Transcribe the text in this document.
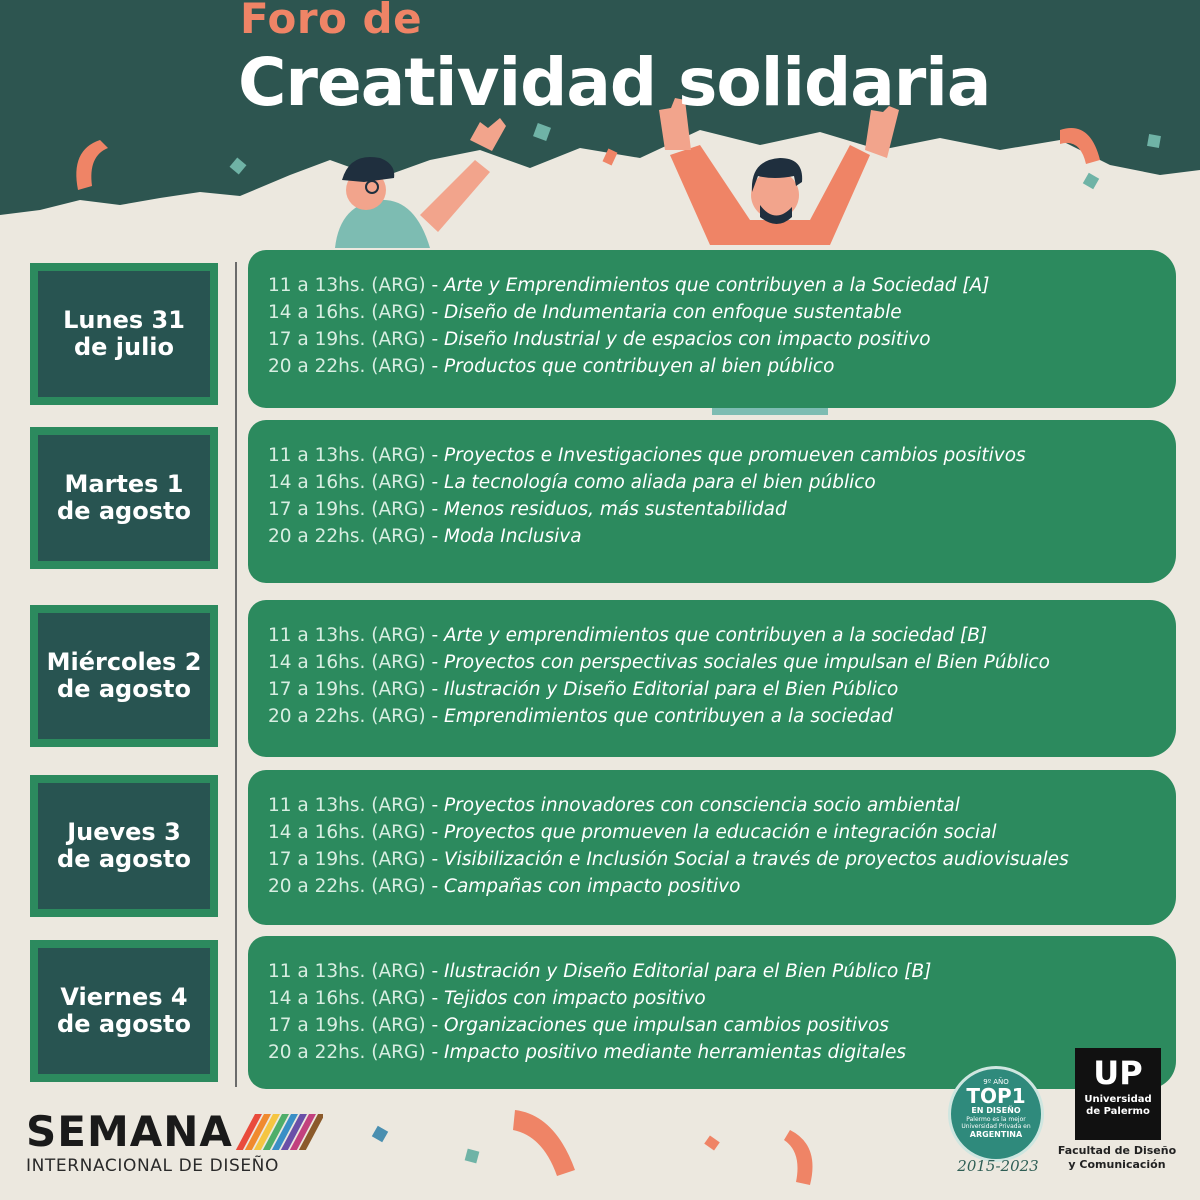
Foro de
Creatividad solidaria
Lunes 31
de julio
11 a 13hs. (ARG) - Arte y Emprendimientos que contribuyen a la Sociedad [A]
14 a 16hs. (ARG) - Diseño de Indumentaria con enfoque sustentable
17 a 19hs. (ARG) - Diseño Industrial y de espacios con impacto positivo
20 a 22hs. (ARG) - Productos que contribuyen al bien público
Martes 1
de agosto
11 a 13hs. (ARG) - Proyectos e Investigaciones que promueven cambios positivos
14 a 16hs. (ARG) - La tecnología como aliada para el bien público
17 a 19hs. (ARG) - Menos residuos, más sustentabilidad
20 a 22hs. (ARG) - Moda Inclusiva
Miércoles 2
de agosto
11 a 13hs. (ARG) - Arte y emprendimientos que contribuyen a la sociedad [B]
14 a 16hs. (ARG) - Proyectos con perspectivas sociales que impulsan el Bien Público
17 a 19hs. (ARG) - Ilustración y Diseño Editorial para el Bien Público
20 a 22hs. (ARG) - Emprendimientos que contribuyen a la sociedad
Jueves 3
de agosto
11 a 13hs. (ARG) - Proyectos innovadores con consciencia socio ambiental
14 a 16hs. (ARG) - Proyectos que promueven la educación e integración social
17 a 19hs. (ARG) - Visibilización e Inclusión Social a través de proyectos audiovisuales
20 a 22hs. (ARG) - Campañas con impacto positivo
Viernes 4
de agosto
11 a 13hs. (ARG) - Ilustración y Diseño Editorial para el Bien Público [B]
14 a 16hs. (ARG) - Tejidos con impacto positivo
17 a 19hs. (ARG) - Organizaciones que impulsan cambios positivos
20 a 22hs. (ARG) - Impacto positivo mediante herramientas digitales
SEMANA
INTERNACIONAL DE DISEÑO
9º AÑO
TOP1
EN DISEÑO
Palermo es la mejor Universidad Privada en
ARGENTINA
2015-2023
UP
Universidad
de Palermo
Facultad de Diseño
y Comunicación
